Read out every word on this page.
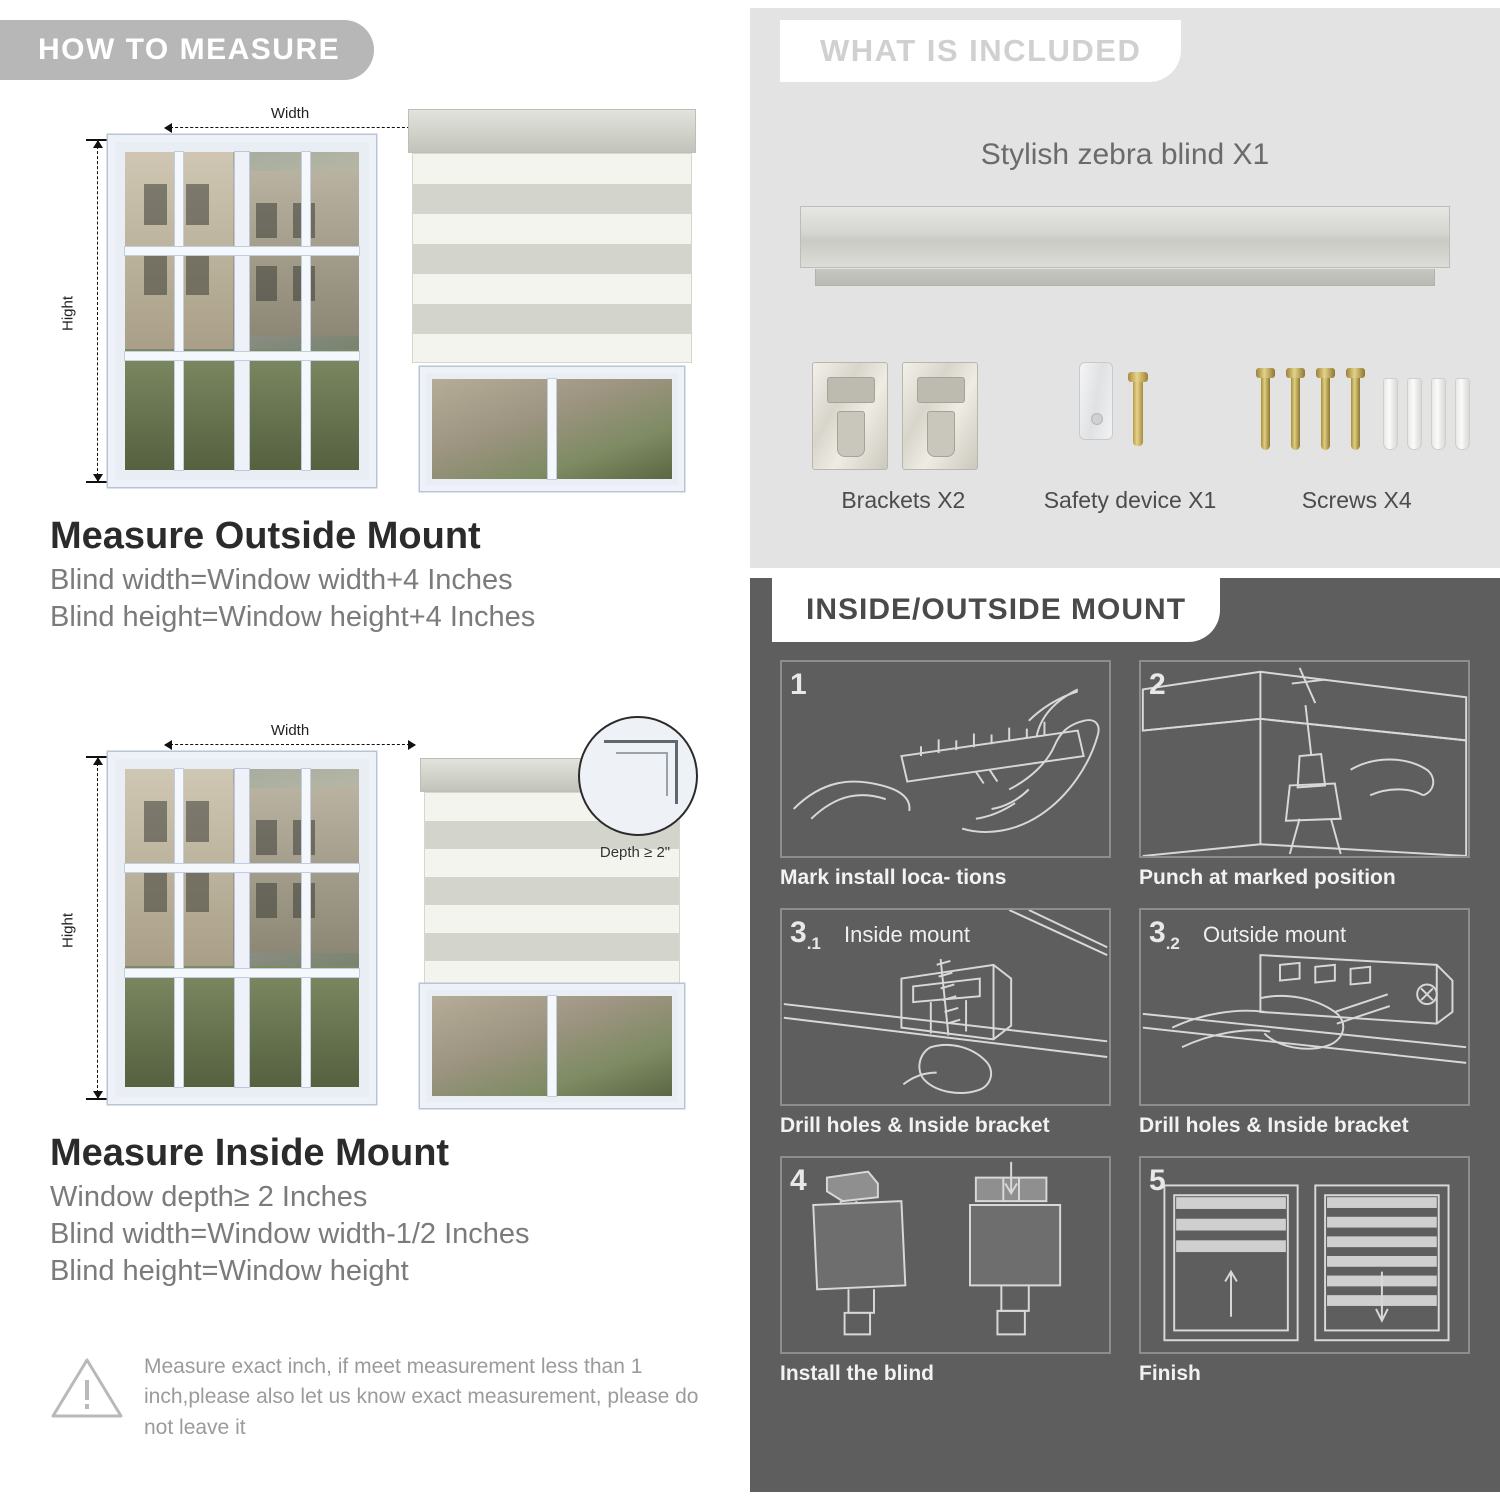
HOW TO MEASURE
Width
Hight
Measure Outside Mount
Blind width=Window width+4 Inches
Blind height=Window height+4 Inches
Width
Hight
Depth ≥ 2"
Measure Inside Mount
Window depth≥ 2 Inches
Blind width=Window width-1/2 Inches
Blind height=Window height
Measure exact inch, if meet measurement less than 1 inch,please also let us know exact measurement, please do not leave it
WHAT IS INCLUDED
Stylish zebra blind X1
Brackets X2	Safety device X1	Screws X4
INSIDE/OUTSIDE MOUNT
1
Mark install loca- tions
2
Punch at marked position
$3_{.1}$ Inside mount
Drill holes & Inside bracket
$3_{.2}$ Outside mount
Drill holes & Inside bracket
4
Install the blind
5
Finish
